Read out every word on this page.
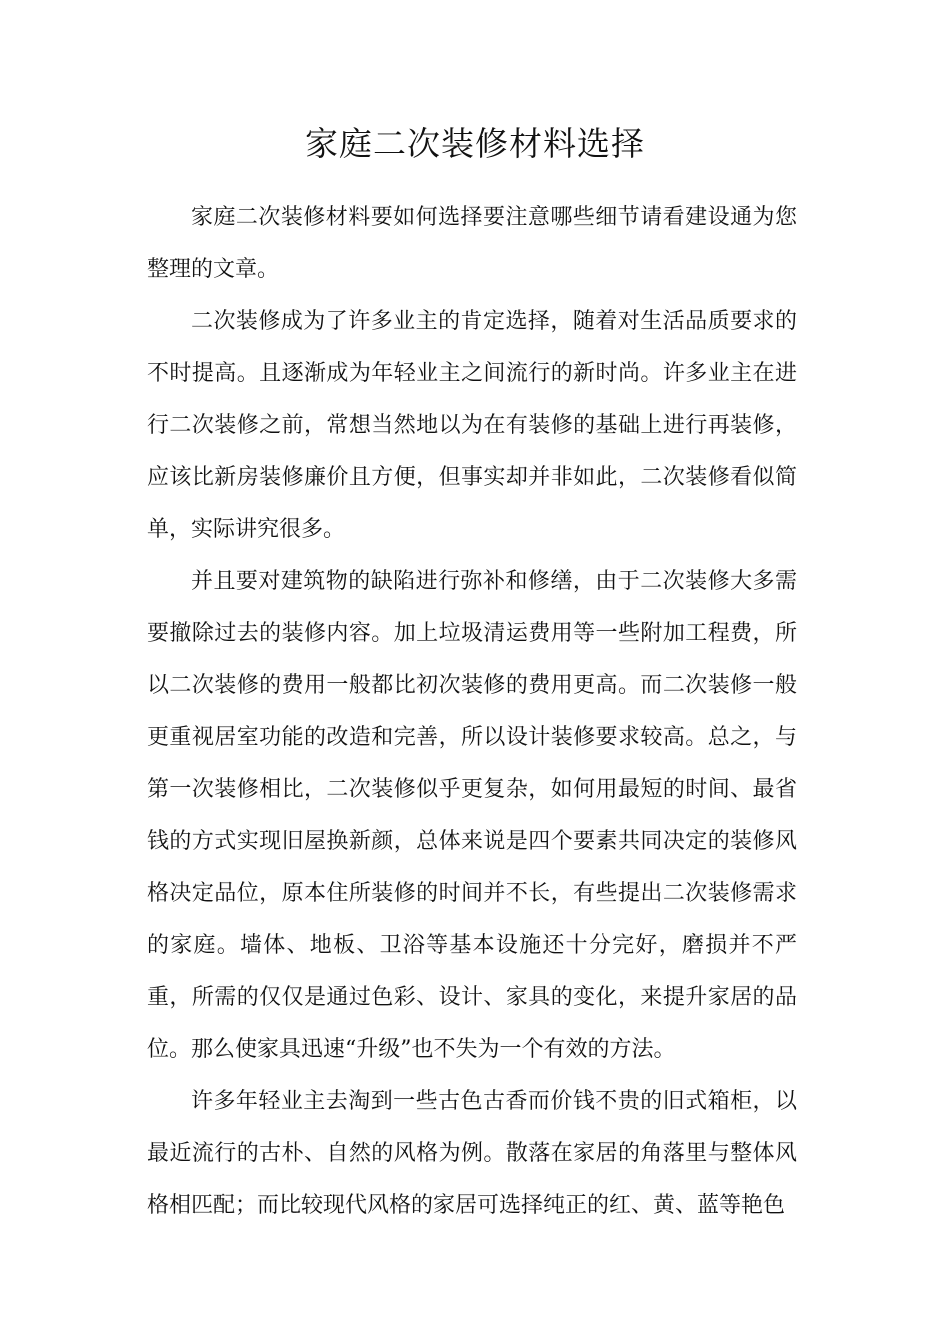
家庭二次装修材料选择

家庭二次装修材料要如何选择要注意哪些细节请看建设通为您整理的文章。

二次装修成为了许多业主的肯定选择，随着对生活品质要求的不时提高。且逐渐成为年轻业主之间流行的新时尚。许多业主在进行二次装修之前，常想当然地以为在有装修的基础上进行再装修，应该比新房装修廉价且方便，但事实却并非如此，二次装修看似简单，实际讲究很多。

并且要对建筑物的缺陷进行弥补和修缮，由于二次装修大多需要撤除过去的装修内容。加上垃圾清运费用等一些附加工程费，所以二次装修的费用一般都比初次装修的费用更高。而二次装修一般更重视居室功能的改造和完善，所以设计装修要求较高。总之，与第一次装修相比，二次装修似乎更复杂，如何用最短的时间、最省钱的方式实现旧屋换新颜，总体来说是四个要素共同决定的装修风格决定品位，原本住所装修的时间并不长，有些提出二次装修需求的家庭。墙体、地板、卫浴等基本设施还十分完好，磨损并不严重，所需的仅仅是通过色彩、设计、家具的变化，来提升家居的品位。那么使家具迅速“升级”也不失为一个有效的方法。

许多年轻业主去淘到一些古色古香而价钱不贵的旧式箱柜，以最近流行的古朴、自然的风格为例。散落在家居的角落里与整体风格相匹配；而比较现代风格的家居可选择纯正的红、黄、蓝等艳色
